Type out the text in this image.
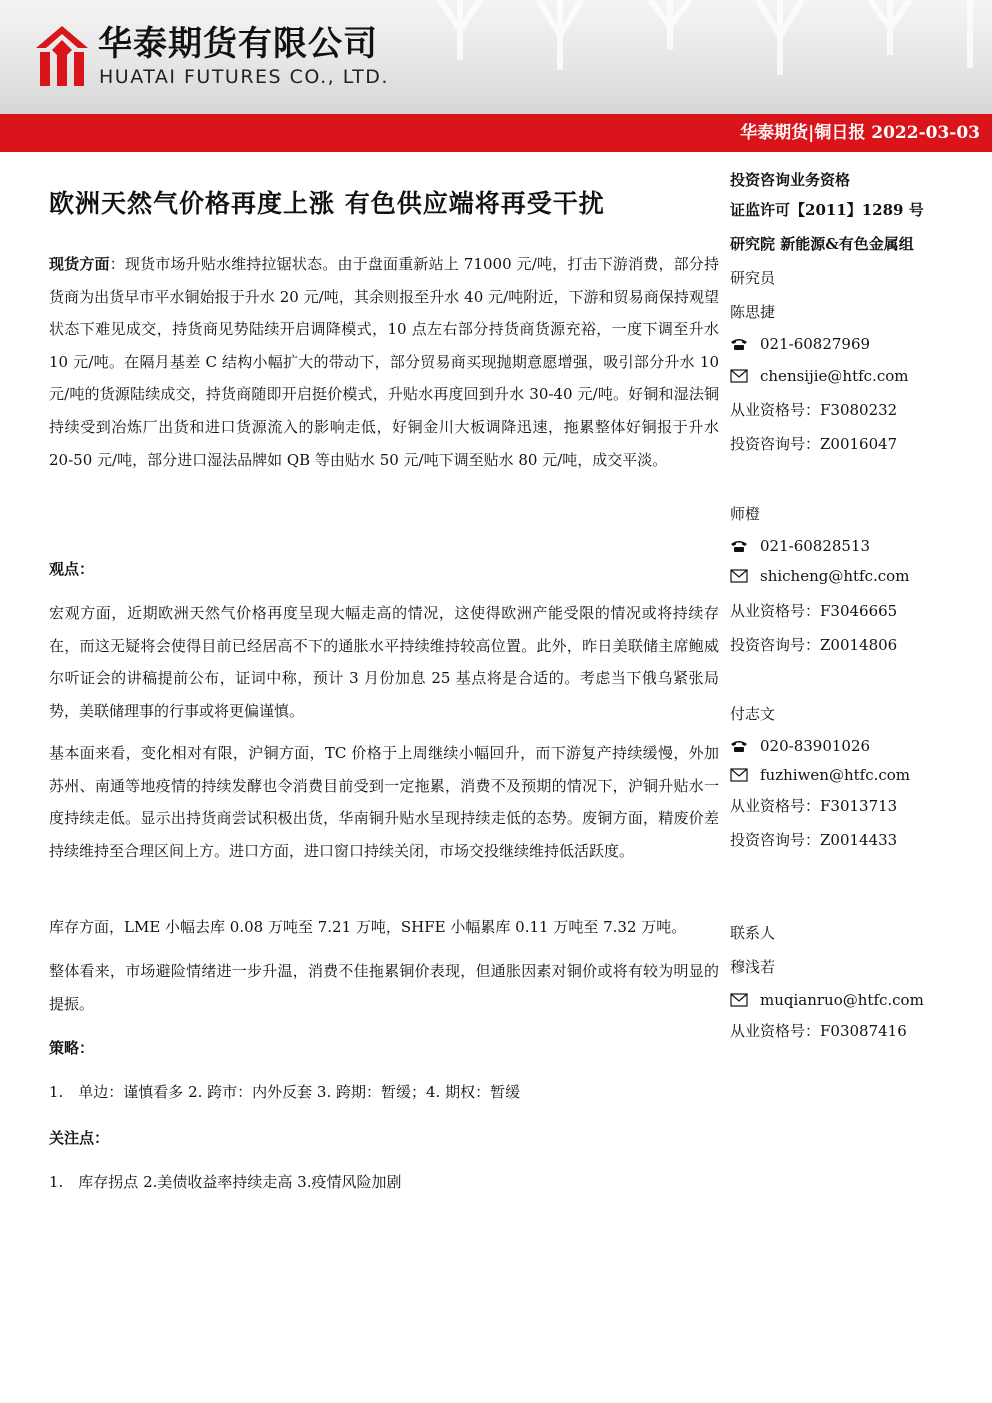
华泰期货有限公司
HUATAI FUTURES CO., LTD.
华泰期货|铜日报 2022-03-03
欧洲天然气价格再度上涨 有色供应端将再受干扰

现货方面：现货市场升贴水维持拉锯状态。由于盘面重新站上 71000 元/吨，打击下游消费，部分持货商为出货早市平水铜始报于升水 20 元/吨，其余则报至升水 40 元/吨附近，下游和贸易商保持观望状态下难见成交，持货商见势陆续开启调降模式，10 点左右部分持货商货源充裕，一度下调至升水 10 元/吨。在隔月基差 C 结构小幅扩大的带动下，部分贸易商买现抛期意愿增强，吸引部分升水 10 元/吨的货源陆续成交，持货商随即开启挺价模式，升贴水再度回到升水 30-40 元/吨。好铜和湿法铜持续受到冶炼厂出货和进口货源流入的影响走低，好铜金川大板调降迅速，拖累整体好铜报于升水 20-50 元/吨，部分进口湿法品牌如 QB 等由贴水 50 元/吨下调至贴水 80 元/吨，成交平淡。

观点：

宏观方面，近期欧洲天然气价格再度呈现大幅走高的情况，这使得欧洲产能受限的情况或将持续存在，而这无疑将会使得目前已经居高不下的通胀水平持续维持较高位置。此外，昨日美联储主席鲍威尔听证会的讲稿提前公布，证词中称，预计 3 月份加息 25 基点将是合适的。考虑当下俄乌紧张局势，美联储理事的行事或将更偏谨慎。

基本面来看，变化相对有限，沪铜方面，TC 价格于上周继续小幅回升，而下游复产持续缓慢，外加苏州、南通等地疫情的持续发酵也令消费目前受到一定拖累，消费不及预期的情况下，沪铜升贴水一度持续走低。显示出持货商尝试积极出货，华南铜升贴水呈现持续走低的态势。废铜方面，精废价差持续维持至合理区间上方。进口方面，进口窗口持续关闭，市场交投继续维持低活跃度。

库存方面，LME 小幅去库 0.08 万吨至 7.21 万吨，SHFE 小幅累库 0.11 万吨至 7.32 万吨。

整体看来，市场避险情绪进一步升温，消费不佳拖累铜价表现，但通胀因素对铜价或将有较为明显的提振。

策略：
1.　单边：谨慎看多 2. 跨市：内外反套 3. 跨期：暂缓；4. 期权：暂缓
关注点：
1.　库存拐点 2.美债收益率持续走高 3.疫情风险加剧
投资咨询业务资格
证监许可【2011】1289 号
研究院 新能源&有色金属组
研究员
陈思捷
021-60827969
chensijie@htfc.com
从业资格号：F3080232
投资咨询号：Z0016047
师橙
021-60828513
shicheng@htfc.com
从业资格号：F3046665
投资咨询号：Z0014806
付志文
020-83901026
fuzhiwen@htfc.com
从业资格号：F3013713
投资咨询号：Z0014433
联系人
穆浅若
muqianruo@htfc.com
从业资格号：F03087416
